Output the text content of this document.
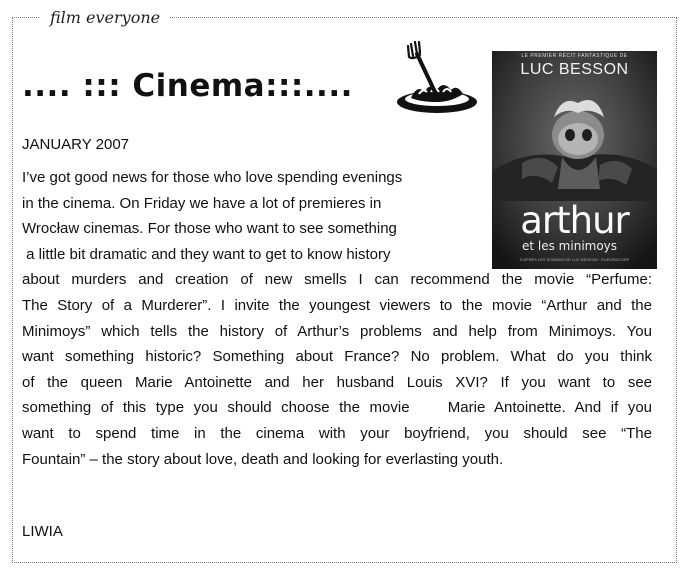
film everyone
.... ::: Cinema:::....
LE PREMIER RÉCIT FANTASTIQUE DE
LUC BESSON
arthur
et les minimoys
D'APRÈS LES ROMANS DE LUC BESSON · EUROPACORP
JANUARY 2007
I’ve got good news for those who love spending evenings
in the cinema. On Friday we have a lot of premieres in
Wrocław cinemas. For those who want to see something
a little bit dramatic and they want to get to know history
about murders and creation of new smells I can recommend the movie “Perfume:
The Story of a Murderer”. I invite the youngest viewers to the movie “Arthur and the
Minimoys” which tells the history of Arthur’s problems and help from Minimoys. You
want something historic? Something about France? No problem. What do you think
of the queen Marie Antoinette and her husband Louis XVI? If you want to see
something of this type you should choose the movie    Marie Antoinette. And if you
want to spend time in the cinema with your boyfriend, you should see “The
Fountain” – the story about love, death and looking for everlasting youth.
LIWIA
